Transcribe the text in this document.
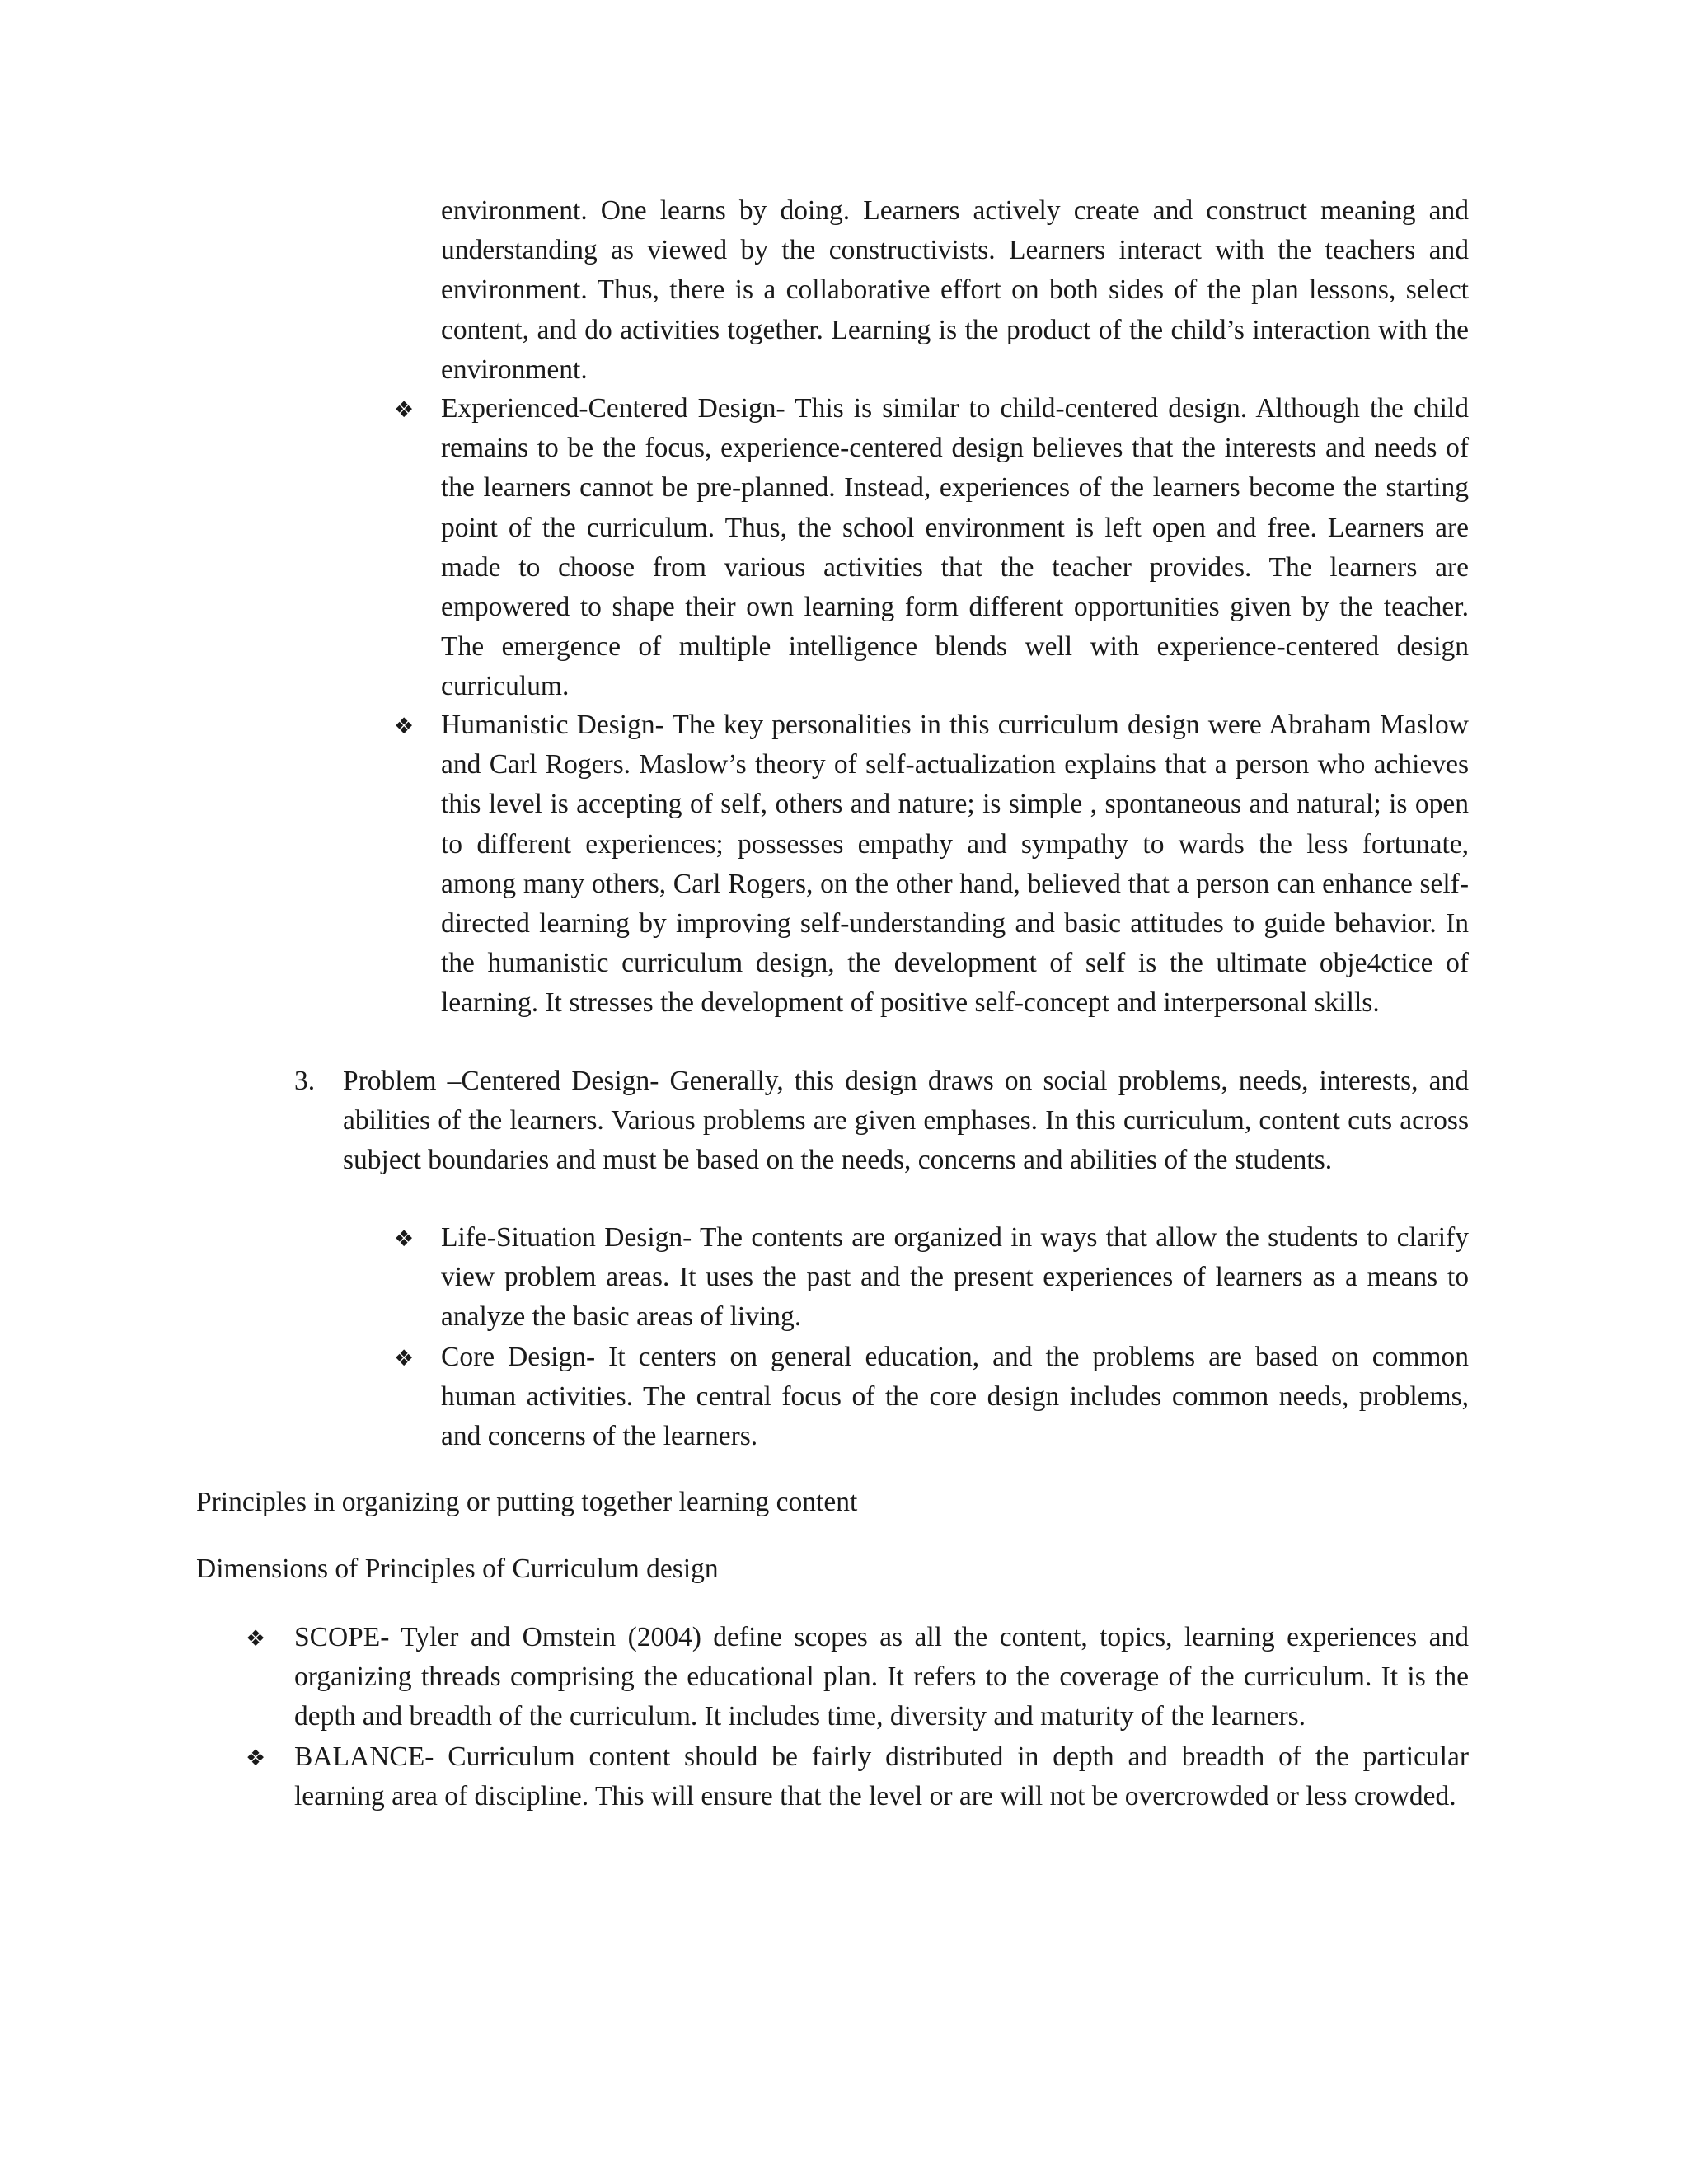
environment. One learns by doing. Learners actively create and construct meaning and understanding as viewed by the constructivists. Learners interact with the teachers and environment. Thus, there is a collaborative effort on both sides of the plan lessons, select content, and do activities together. Learning is the product of the child’s interaction with the environment.

❖ Experienced-Centered Design- This is similar to child-centered design. Although the child remains to be the focus, experience-centered design believes that the interests and needs of the learners cannot be pre-planned. Instead, experiences of the learners become the starting point of the curriculum. Thus, the school environment is left open and free. Learners are made to choose from various activities that the teacher provides. The learners are empowered to shape their own learning form different opportunities given by the teacher. The emergence of multiple intelligence blends well with experience-centered design curriculum.

❖ Humanistic Design- The key personalities in this curriculum design were Abraham Maslow and Carl Rogers. Maslow’s theory of self-actualization explains that a person who achieves this level is accepting of self, others and nature; is simple , spontaneous and natural; is open to different experiences; possesses empathy and sympathy to wards the less fortunate, among many others, Carl Rogers, on the other hand, believed that a person can enhance self-directed learning by improving self-understanding and basic attitudes to guide behavior. In the humanistic curriculum design, the development of self is the ultimate obje4ctice of learning. It stresses the development of positive self-concept and interpersonal skills.

3. Problem –Centered Design- Generally, this design draws on social problems, needs, interests, and abilities of the learners. Various problems are given emphases. In this curriculum, content cuts across subject boundaries and must be based on the needs, concerns and abilities of the students.

❖ Life-Situation Design- The contents are organized in ways that allow the students to clarify view problem areas. It uses the past and the present experiences of learners as a means to analyze the basic areas of living.

❖ Core Design- It centers on general education, and the problems are based on common human activities. The central focus of the core design includes common needs, problems, and concerns of the learners.

Principles in organizing or putting together learning content

Dimensions of Principles of Curriculum design

❖ SCOPE- Tyler and Omstein (2004) define scopes as all the content, topics, learning experiences and organizing threads comprising the educational plan. It refers to the coverage of the curriculum. It is the depth and breadth of the curriculum. It includes time, diversity and maturity of the learners.

❖ BALANCE- Curriculum content should be fairly distributed in depth and breadth of the particular learning area of discipline. This will ensure that the level or are will not be overcrowded or less crowded.
